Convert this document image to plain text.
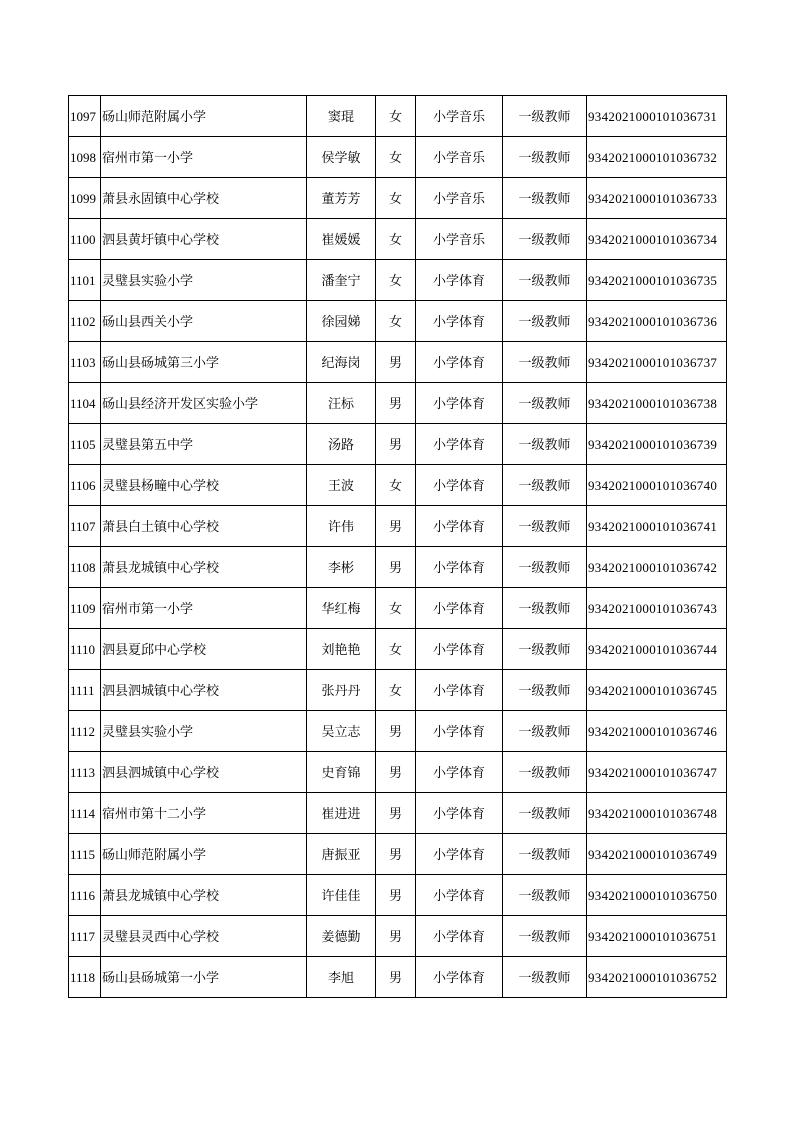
1097	砀山师范附属小学	窦琨	女	小学音乐	一级教师	9342021000101036731
1098	宿州市第一小学	侯学敏	女	小学音乐	一级教师	9342021000101036732
1099	萧县永固镇中心学校	董芳芳	女	小学音乐	一级教师	9342021000101036733
1100	泗县黄圩镇中心学校	崔媛媛	女	小学音乐	一级教师	9342021000101036734
1101	灵璧县实验小学	潘奎宁	女	小学体育	一级教师	9342021000101036735
1102	砀山县西关小学	徐园娣	女	小学体育	一级教师	9342021000101036736
1103	砀山县砀城第三小学	纪海岗	男	小学体育	一级教师	9342021000101036737
1104	砀山县经济开发区实验小学	汪标	男	小学体育	一级教师	9342021000101036738
1105	灵璧县第五中学	汤路	男	小学体育	一级教师	9342021000101036739
1106	灵璧县杨疃中心学校	王波	女	小学体育	一级教师	9342021000101036740
1107	萧县白土镇中心学校	许伟	男	小学体育	一级教师	9342021000101036741
1108	萧县龙城镇中心学校	李彬	男	小学体育	一级教师	9342021000101036742
1109	宿州市第一小学	华红梅	女	小学体育	一级教师	9342021000101036743
1110	泗县夏邱中心学校	刘艳艳	女	小学体育	一级教师	9342021000101036744
1111	泗县泗城镇中心学校	张丹丹	女	小学体育	一级教师	9342021000101036745
1112	灵璧县实验小学	吴立志	男	小学体育	一级教师	9342021000101036746
1113	泗县泗城镇中心学校	史育锦	男	小学体育	一级教师	9342021000101036747
1114	宿州市第十二小学	崔进进	男	小学体育	一级教师	9342021000101036748
1115	砀山师范附属小学	唐振亚	男	小学体育	一级教师	9342021000101036749
1116	萧县龙城镇中心学校	许佳佳	男	小学体育	一级教师	9342021000101036750
1117	灵璧县灵西中心学校	姜德勤	男	小学体育	一级教师	9342021000101036751
1118	砀山县砀城第一小学	李旭	男	小学体育	一级教师	9342021000101036752
